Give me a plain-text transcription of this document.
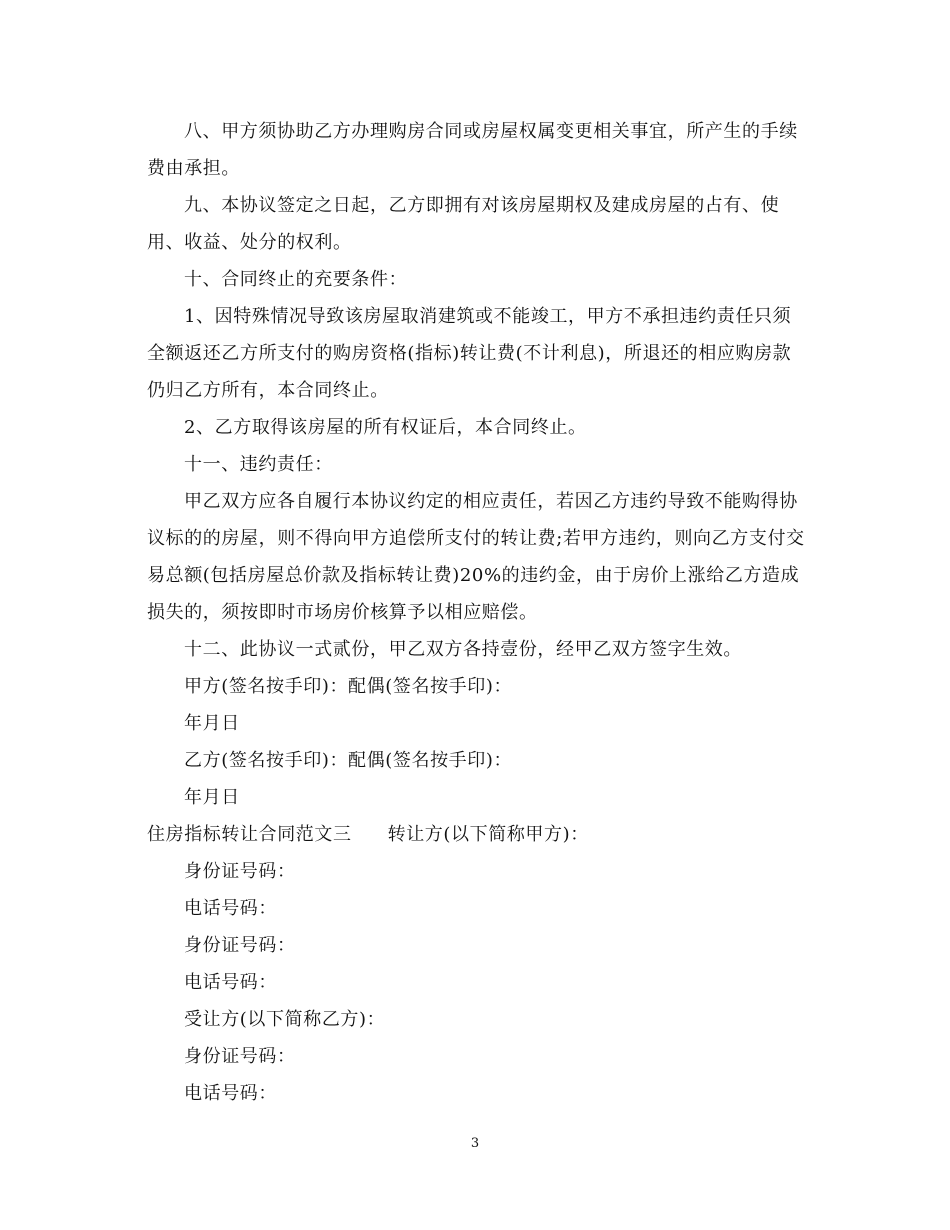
八、甲方须协助乙方办理购房合同或房屋权属变更相关事宜，所产生的手续费由承担。

九、本协议签定之日起，乙方即拥有对该房屋期权及建成房屋的占有、使用、收益、处分的权利。

十、合同终止的充要条件：

1、因特殊情况导致该房屋取消建筑或不能竣工，甲方不承担违约责任只须全额返还乙方所支付的购房资格(指标)转让费(不计利息)，所退还的相应购房款仍归乙方所有，本合同终止。

2、乙方取得该房屋的所有权证后，本合同终止。

十一、违约责任：

甲乙双方应各自履行本协议约定的相应责任，若因乙方违约导致不能购得协议标的的房屋，则不得向甲方追偿所支付的转让费;若甲方违约，则向乙方支付交易总额(包括房屋总价款及指标转让费)20%的违约金，由于房价上涨给乙方造成损失的，须按即时市场房价核算予以相应赔偿。

十二、此协议一式贰份，甲乙双方各持壹份，经甲乙双方签字生效。

甲方(签名按手印)：配偶(签名按手印)：

年月日

乙方(签名按手印)：配偶(签名按手印)：

年月日

住房指标转让合同范文三 转让方(以下简称甲方)：

身份证号码：

电话号码：

身份证号码：

电话号码：

受让方(以下简称乙方)：

身份证号码：

电话号码：

3
